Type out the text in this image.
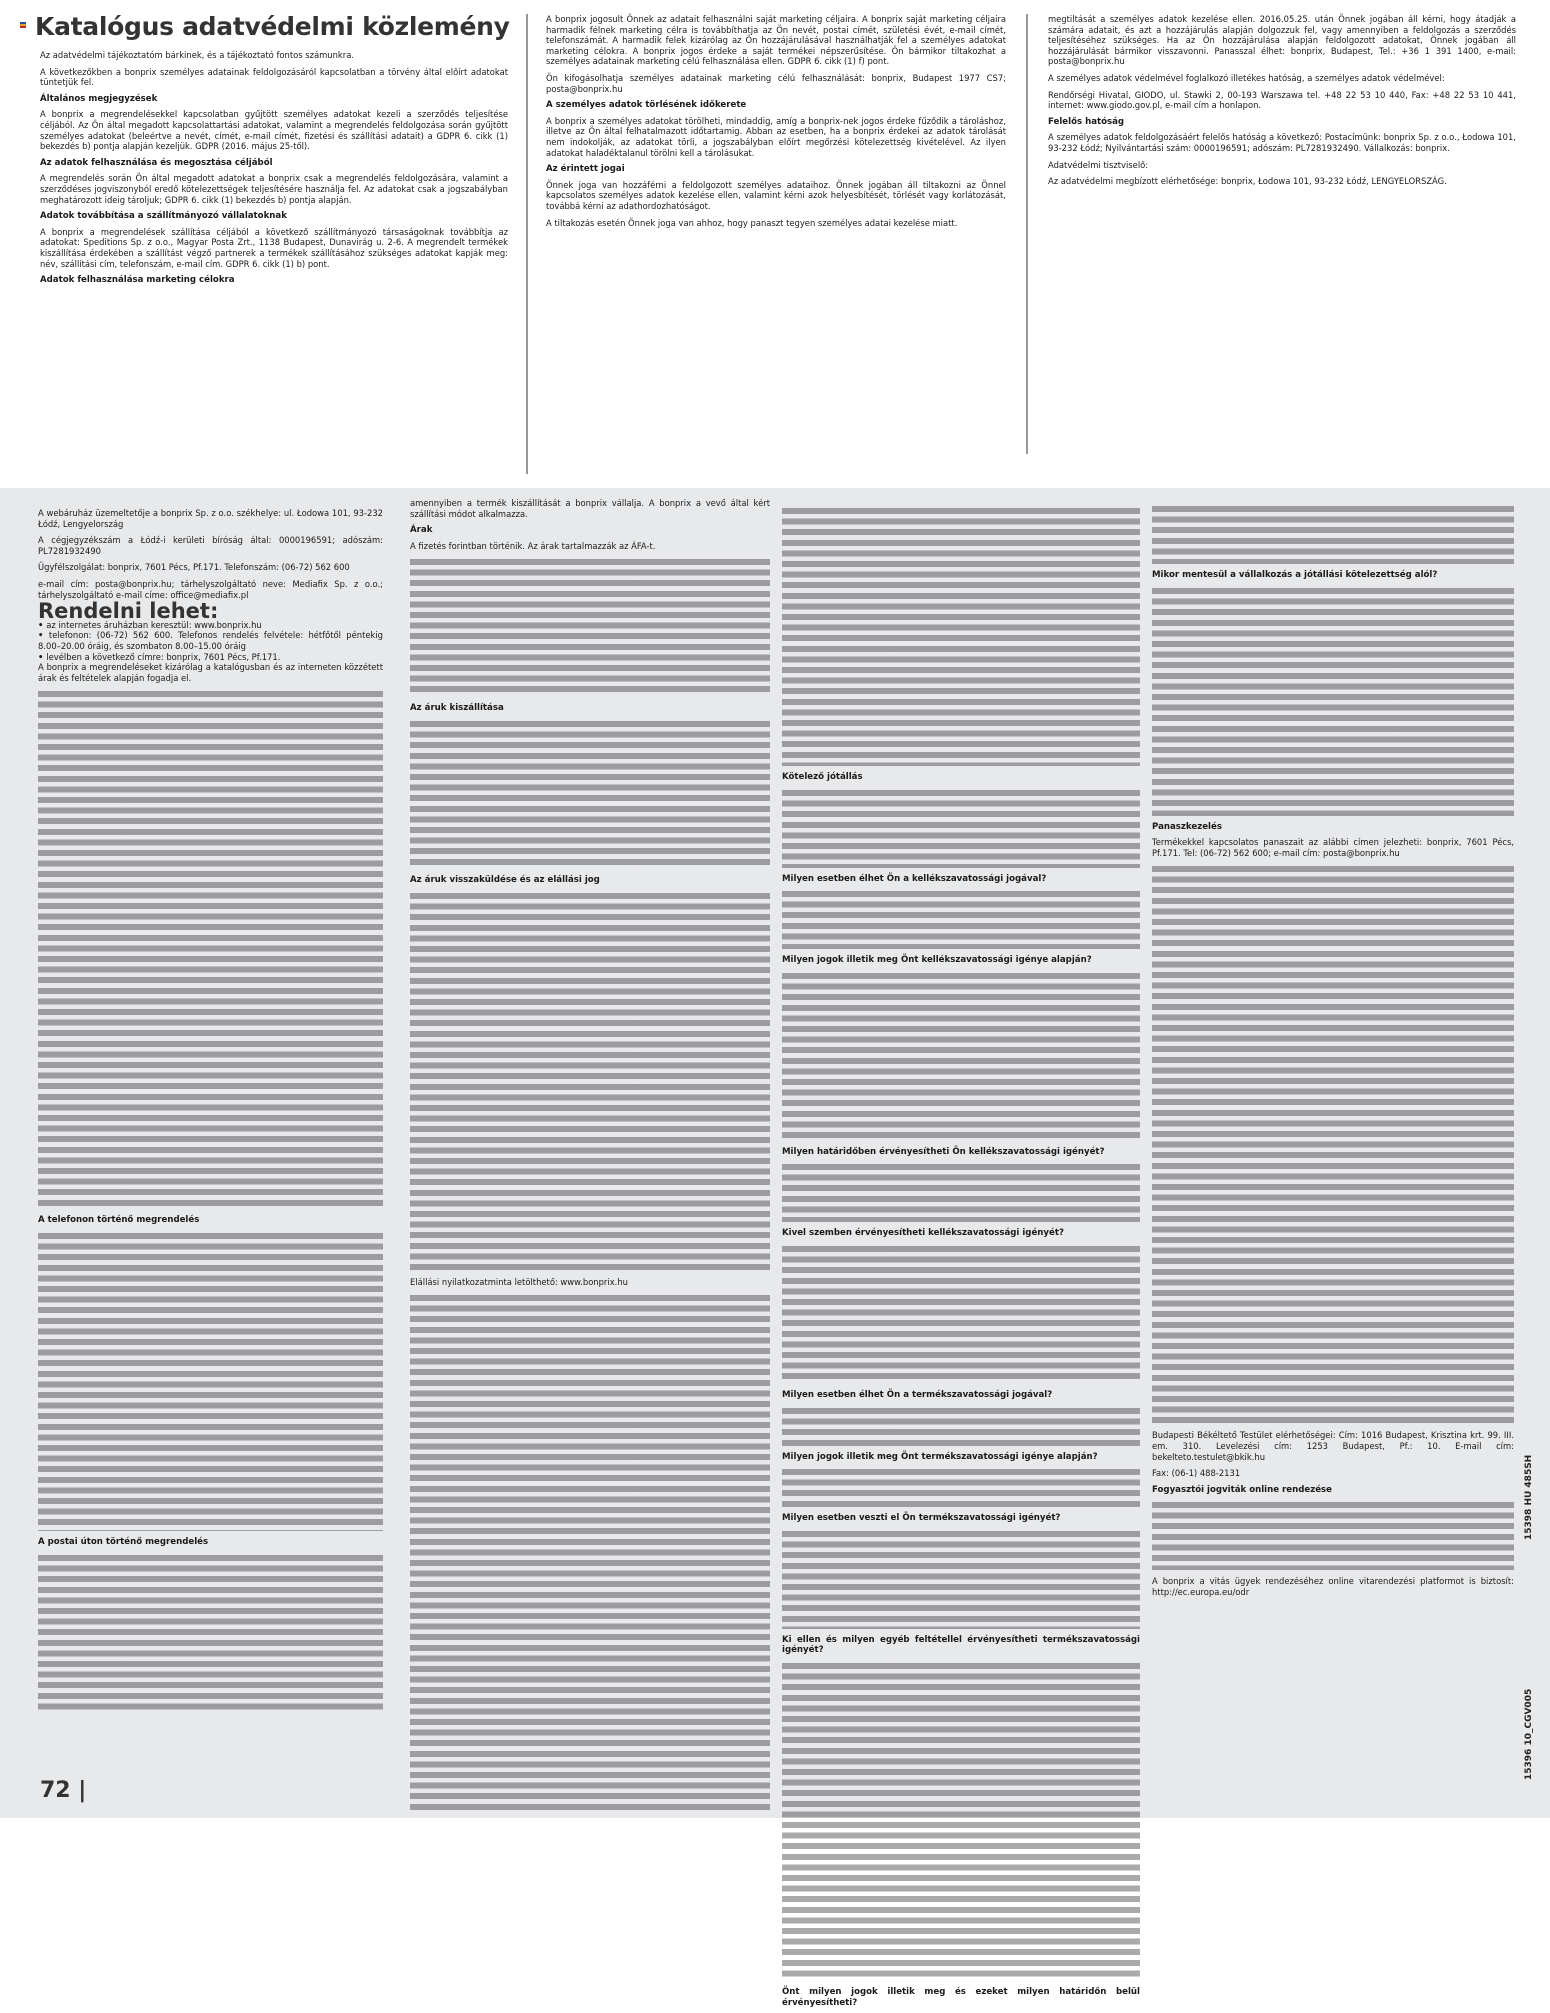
Katalógus adatvédelmi közlemény

Az adatvédelmi tájékoztatóm bárkinek, és a tájékoztató fontos számunkra.

A következőkben a bonprix személyes adatainak feldolgozásáról kapcsolatban a törvény által előírt adatokat tüntetjük fel.

Általános megjegyzések

A bonprix a megrendelésekkel kapcsolatban gyűjtött személyes adatokat kezeli a szerződés teljesítése céljából. Az Ön által megadott kapcsolattartási adatokat, valamint a megrendelés feldolgozása során gyűjtött személyes adatokat (beleértve a nevét, címét, e-mail címét, fizetési és szállítási adatait) a GDPR 6. cikk (1) bekezdés b) pontja alapján kezeljük. GDPR (2016. május 25-től).

Az adatok felhasználása és megosztása céljából

A megrendelés során Ön által megadott adatokat a bonprix csak a megrendelés feldolgozására, valamint a szerződéses jogviszonyból eredő kötelezettségek teljesítésére használja fel. Az adatokat csak a jogszabályban meghatározott ideig tároljuk; GDPR 6. cikk (1) bekezdés b) pontja alapján.

Adatok továbbítása a szállítmányozó vállalatoknak

A bonprix a megrendelések szállítása céljából a következő szállítmányozó társaságoknak továbbítja az adatokat: Speditions Sp. z o.o., Magyar Posta Zrt., 1138 Budapest, Dunavirág u. 2-6. A megrendelt termékek kiszállítása érdekében a szállítást végző partnerek a termékek szállításához szükséges adatokat kapják meg: név, szállítási cím, telefonszám, e-mail cím. GDPR 6. cikk (1) b) pont.

Adatok felhasználása marketing célokra

A bonprix jogosult Önnek az adatait felhasználni saját marketing céljaira. A bonprix saját marketing céljaira harmadik félnek marketing célra is továbbíthatja az Ön nevét, postai címét, születési évét, e-mail címét, telefonszámát. A harmadik felek kizárólag az Ön hozzájárulásával használhatják fel a személyes adatokat marketing célokra. A bonprix jogos érdeke a saját termékei népszerűsítése. Ön bármikor tiltakozhat a személyes adatainak marketing célú felhasználása ellen. GDPR 6. cikk (1) f) pont.

Ön kifogásolhatja személyes adatainak marketing célú felhasználását: bonprix, Budapest 1977 CS7; posta@bonprix.hu

A személyes adatok törlésének időkerete

A bonprix a személyes adatokat törölheti, mindaddig, amíg a bonprix-nek jogos érdeke fűződik a tároláshoz, illetve az Ön által felhatalmazott időtartamig. Abban az esetben, ha a bonprix érdekei az adatok tárolását nem indokolják, az adatokat törli, a jogszabályban előírt megőrzési kötelezettség kivételével. Az ilyen adatokat haladéktalanul törölni kell a tárolásukat.

Az érintett jogai

Önnek joga van hozzáférni a feldolgozott személyes adataihoz. Önnek jogában áll tiltakozni az Önnel kapcsolatos személyes adatok kezelése ellen, valamint kérni azok helyesbítését, törlését vagy korlátozását, továbbá kérni az adathordozhatóságot.

A tiltakozás esetén Önnek joga van ahhoz, hogy panaszt tegyen személyes adatai kezelése miatt.

megtiltását a személyes adatok kezelése ellen. 2016.05.25. után Önnek jogában áll kérni, hogy átadják a számára adatait, és azt a hozzájárulás alapján dolgozzuk fel, vagy amennyiben a feldolgozás a szerződés teljesítéséhez szükséges. Ha az Ön hozzájárulása alapján feldolgozott adatokat, Önnek jogában áll hozzájárulását bármikor visszavonni. Panasszal élhet: bonprix, Budapest, Tel.: +36 1 391 1400, e-mail: posta@bonprix.hu

A személyes adatok védelmével foglalkozó illetékes hatóság, a személyes adatok védelmével:

Rendőrségi Hivatal, GIODO, ul. Stawki 2, 00-193 Warszawa tel. +48 22 53 10 440, Fax: +48 22 53 10 441, internet: www.giodo.gov.pl, e-mail cím a honlapon.

Felelős hatóság

A személyes adatok feldolgozásáért felelős hatóság a következő: Postacímünk: bonprix Sp. z o.o., Łodowa 101, 93-232 Łódź; Nyilvántartási szám: 0000196591; adószám: PL7281932490. Vállalkozás: bonprix.

Adatvédelmi tisztviselő:

Az adatvédelmi megbízott elérhetősége: bonprix, Łodowa 101, 93-232 Łódź, LENGYELORSZÁG.

A webáruház üzemeltetője a bonprix Sp. z o.o. székhelye: ul. Łodowa 101, 93-232 Łódź, Lengyelország

A cégjegyzékszám a Łódź-i kerületi bíróság által: 0000196591; adószám: PL7281932490

Ügyfélszolgálat: bonprix, 7601 Pécs, Pf.171. Telefonszám: (06-72) 562 600

e-mail cím: posta@bonprix.hu; tárhelyszolgáltató neve: Mediafix Sp. z o.o.; tárhelyszolgáltató e-mail címe: office@mediafix.pl

Rendelni lehet:
• az internetes áruházban keresztül: www.bonprix.hu
• telefonon: (06-72) 562 600. Telefonos rendelés felvétele: hétfőtől péntekig 8.00–20.00 óráig, és szombaton 8.00–15.00 óráig
• levélben a következő címre: bonprix, 7601 Pécs, Pf.171.

A bonprix a megrendeléseket kizárólag a katalógusban és az interneten közzétett árak és feltételek alapján fogadja el.

A telefonon történő megrendelés
A postai úton történő megrendelés

amennyiben a termék kiszállítását a bonprix vállalja. A bonprix a vevő által kért szállítási módot alkalmazza.

Árak

A fizetés forintban történik. Az árak tartalmazzák az ÁFA-t.

Az áruk kiszállítása
Az áruk visszaküldése és az elállási jog

Elállási nyilatkozatminta letölthető: www.bonprix.hu

Kötelező jótállás
Milyen esetben élhet Ön a kellékszavatossági jogával?
Milyen jogok illetik meg Önt kellékszavatossági igénye alapján?
Milyen határidőben érvényesítheti Ön kellékszavatossági igényét?
Kivel szemben érvényesítheti kellékszavatossági igényét?
Milyen esetben élhet Ön a termékszavatossági jogával?
Milyen jogok illetik meg Önt termékszavatossági igénye alapján?
Milyen esetben veszti el Ön termékszavatossági igényét?
Ki ellen és milyen egyéb feltétellel érvényesítheti termékszavatossági igényét?
Önt milyen jogok illetik meg és ezeket milyen határidőn belül érvényesítheti?
Mikor mentesül a vállalkozás a jótállási kötelezettség alól?
Panaszkezelés

Termékekkel kapcsolatos panaszait az alábbi címen jelezheti: bonprix, 7601 Pécs, Pf.171. Tel: (06-72) 562 600; e-mail cím: posta@bonprix.hu

Budapesti Békéltető Testület elérhetőségei: Cím: 1016 Budapest, Krisztina krt. 99. III. em. 310. Levelezési cím: 1253 Budapest, Pf.: 10. E-mail cím: bekelteto.testulet@bkik.hu

Fax: (06-1) 488-2131

Fogyasztói jogviták online rendezése

A bonprix a vitás ügyek rendezéséhez online vitarendezési platformot is biztosít: http://ec.europa.eu/odr

72 |
15398 HU 485SH
15396 10_CGV005
